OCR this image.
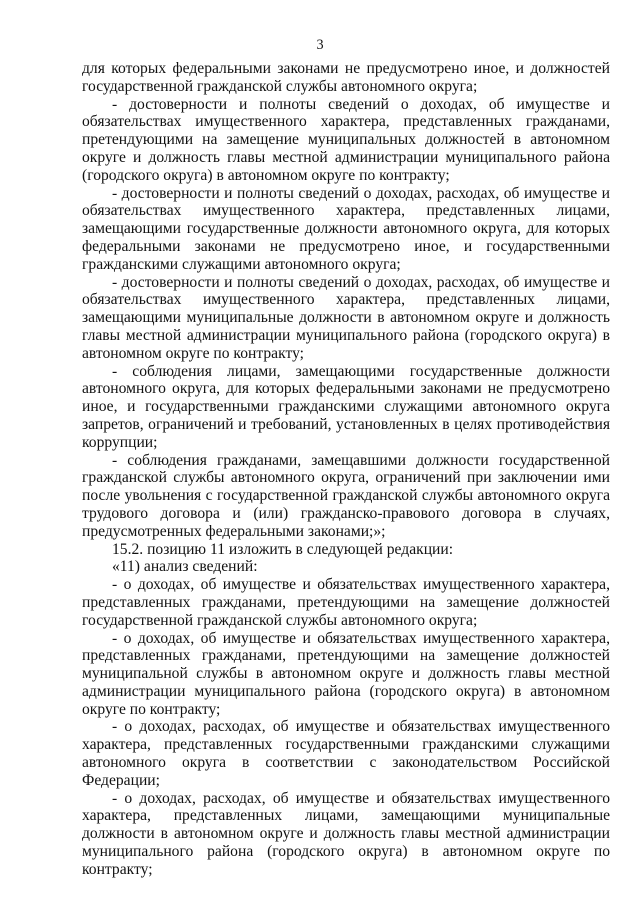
3

для которых федеральными законами не предусмотрено иное, и должностей государственной гражданской службы автономного округа;

- достоверности и полноты сведений о доходах, об имуществе и обязательствах имущественного характера, представленных гражданами, претендующими на замещение муниципальных должностей в автономном округе и должность главы местной администрации муниципального района (городского округа) в автономном округе по контракту;

- достоверности и полноты сведений о доходах, расходах, об имуществе и обязательствах имущественного характера, представленных лицами, замещающими государственные должности автономного округа, для которых федеральными законами не предусмотрено иное, и государственными гражданскими служащими автономного округа;

- достоверности и полноты сведений о доходах, расходах, об имуществе и обязательствах имущественного характера, представленных лицами, замещающими муниципальные должности в автономном округе и должность главы местной администрации муниципального района (городского округа) в автономном округе по контракту;

- соблюдения лицами, замещающими государственные должности автономного округа, для которых федеральными законами не предусмотрено иное, и государственными гражданскими служащими автономного округа запретов, ограничений и требований, установленных в целях противодействия коррупции;

- соблюдения гражданами, замещавшими должности государственной гражданской службы автономного округа, ограничений при заключении ими после увольнения с государственной гражданской службы автономного округа трудового договора и (или) гражданско-правового договора в случаях, предусмотренных федеральными законами;»;

15.2. позицию 11 изложить в следующей редакции:

«11) анализ сведений:

- о доходах, об имуществе и обязательствах имущественного характера, представленных гражданами, претендующими на замещение должностей государственной гражданской службы автономного округа;

- о доходах, об имуществе и обязательствах имущественного характера, представленных гражданами, претендующими на замещение должностей муниципальной службы в автономном округе и должность главы местной администрации муниципального района (городского округа) в автономном округе по контракту;

- о доходах, расходах, об имуществе и обязательствах имущественного характера, представленных государственными гражданскими служащими автономного округа в соответствии с законодательством Российской Федерации;

- о доходах, расходах, об имуществе и обязательствах имущественного характера, представленных лицами, замещающими муниципальные должности в автономном округе и должность главы местной администрации муниципального района (городского округа) в автономном округе по контракту;
